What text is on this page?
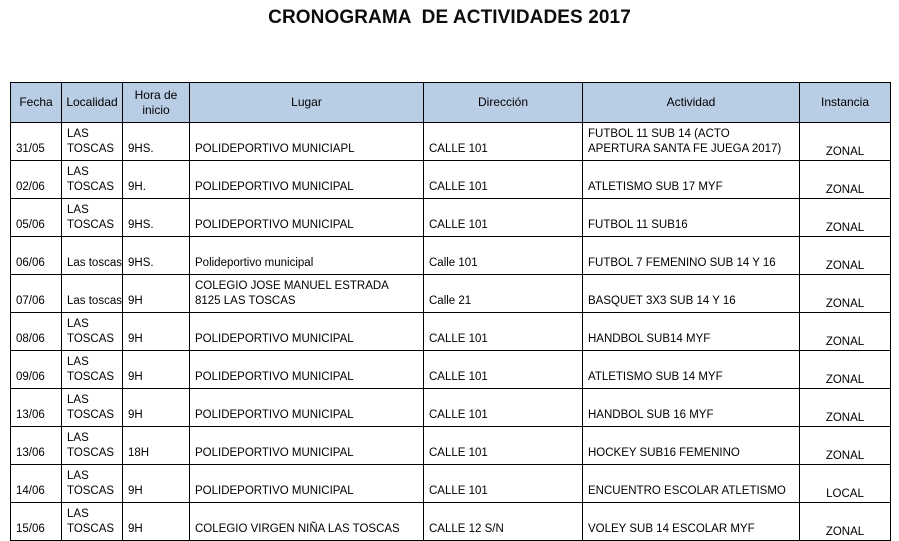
CRONOGRAMA  DE ACTIVIDADES 2017
Fecha	Localidad	Hora de inicio	Lugar	Dirección	Actividad	Instancia

31/05	LAS TOSCAS	9HS.	POLIDEPORTIVO MUNICIAPL	CALLE 101	FUTBOL 11 SUB 14 (ACTO
APERTURA SANTA FE JUEGA 2017)	ZONAL

02/06	LAS TOSCAS	9H.	POLIDEPORTIVO MUNICIPAL	CALLE 101	ATLETISMO SUB 17 MYF	ZONAL

05/06	LAS TOSCAS	9HS.	POLIDEPORTIVO MUNICIPAL	CALLE 101	FUTBOL 11 SUB16	ZONAL

06/06	Las toscas	9HS.	Polideportivo municipal	Calle 101	FUTBOL 7 FEMENINO SUB 14 Y 16	ZONAL

07/06	Las toscas	9H	COLEGIO JOSE MANUEL ESTRADA
8125 LAS TOSCAS	Calle 21	BASQUET 3X3 SUB 14 Y 16	ZONAL

08/06	LAS TOSCAS	9H	POLIDEPORTIVO MUNICIPAL	CALLE 101	HANDBOL SUB14 MYF	ZONAL

09/06	LAS TOSCAS	9H	POLIDEPORTIVO MUNICIPAL	CALLE 101	ATLETISMO SUB 14 MYF	ZONAL

13/06	LAS TOSCAS	9H	POLIDEPORTIVO MUNICIPAL	CALLE 101	HANDBOL SUB 16 MYF	ZONAL

13/06	LAS TOSCAS	18H	POLIDEPORTIVO MUNICIPAL	CALLE 101	HOCKEY SUB16 FEMENINO	ZONAL

14/06	LAS TOSCAS	9H	POLIDEPORTIVO MUNICIPAL	CALLE 101	ENCUENTRO ESCOLAR ATLETISMO	LOCAL

15/06	LAS TOSCAS	9H	COLEGIO VIRGEN NIÑA LAS TOSCAS	CALLE 12 S/N	VOLEY SUB 14 ESCOLAR MYF	ZONAL
